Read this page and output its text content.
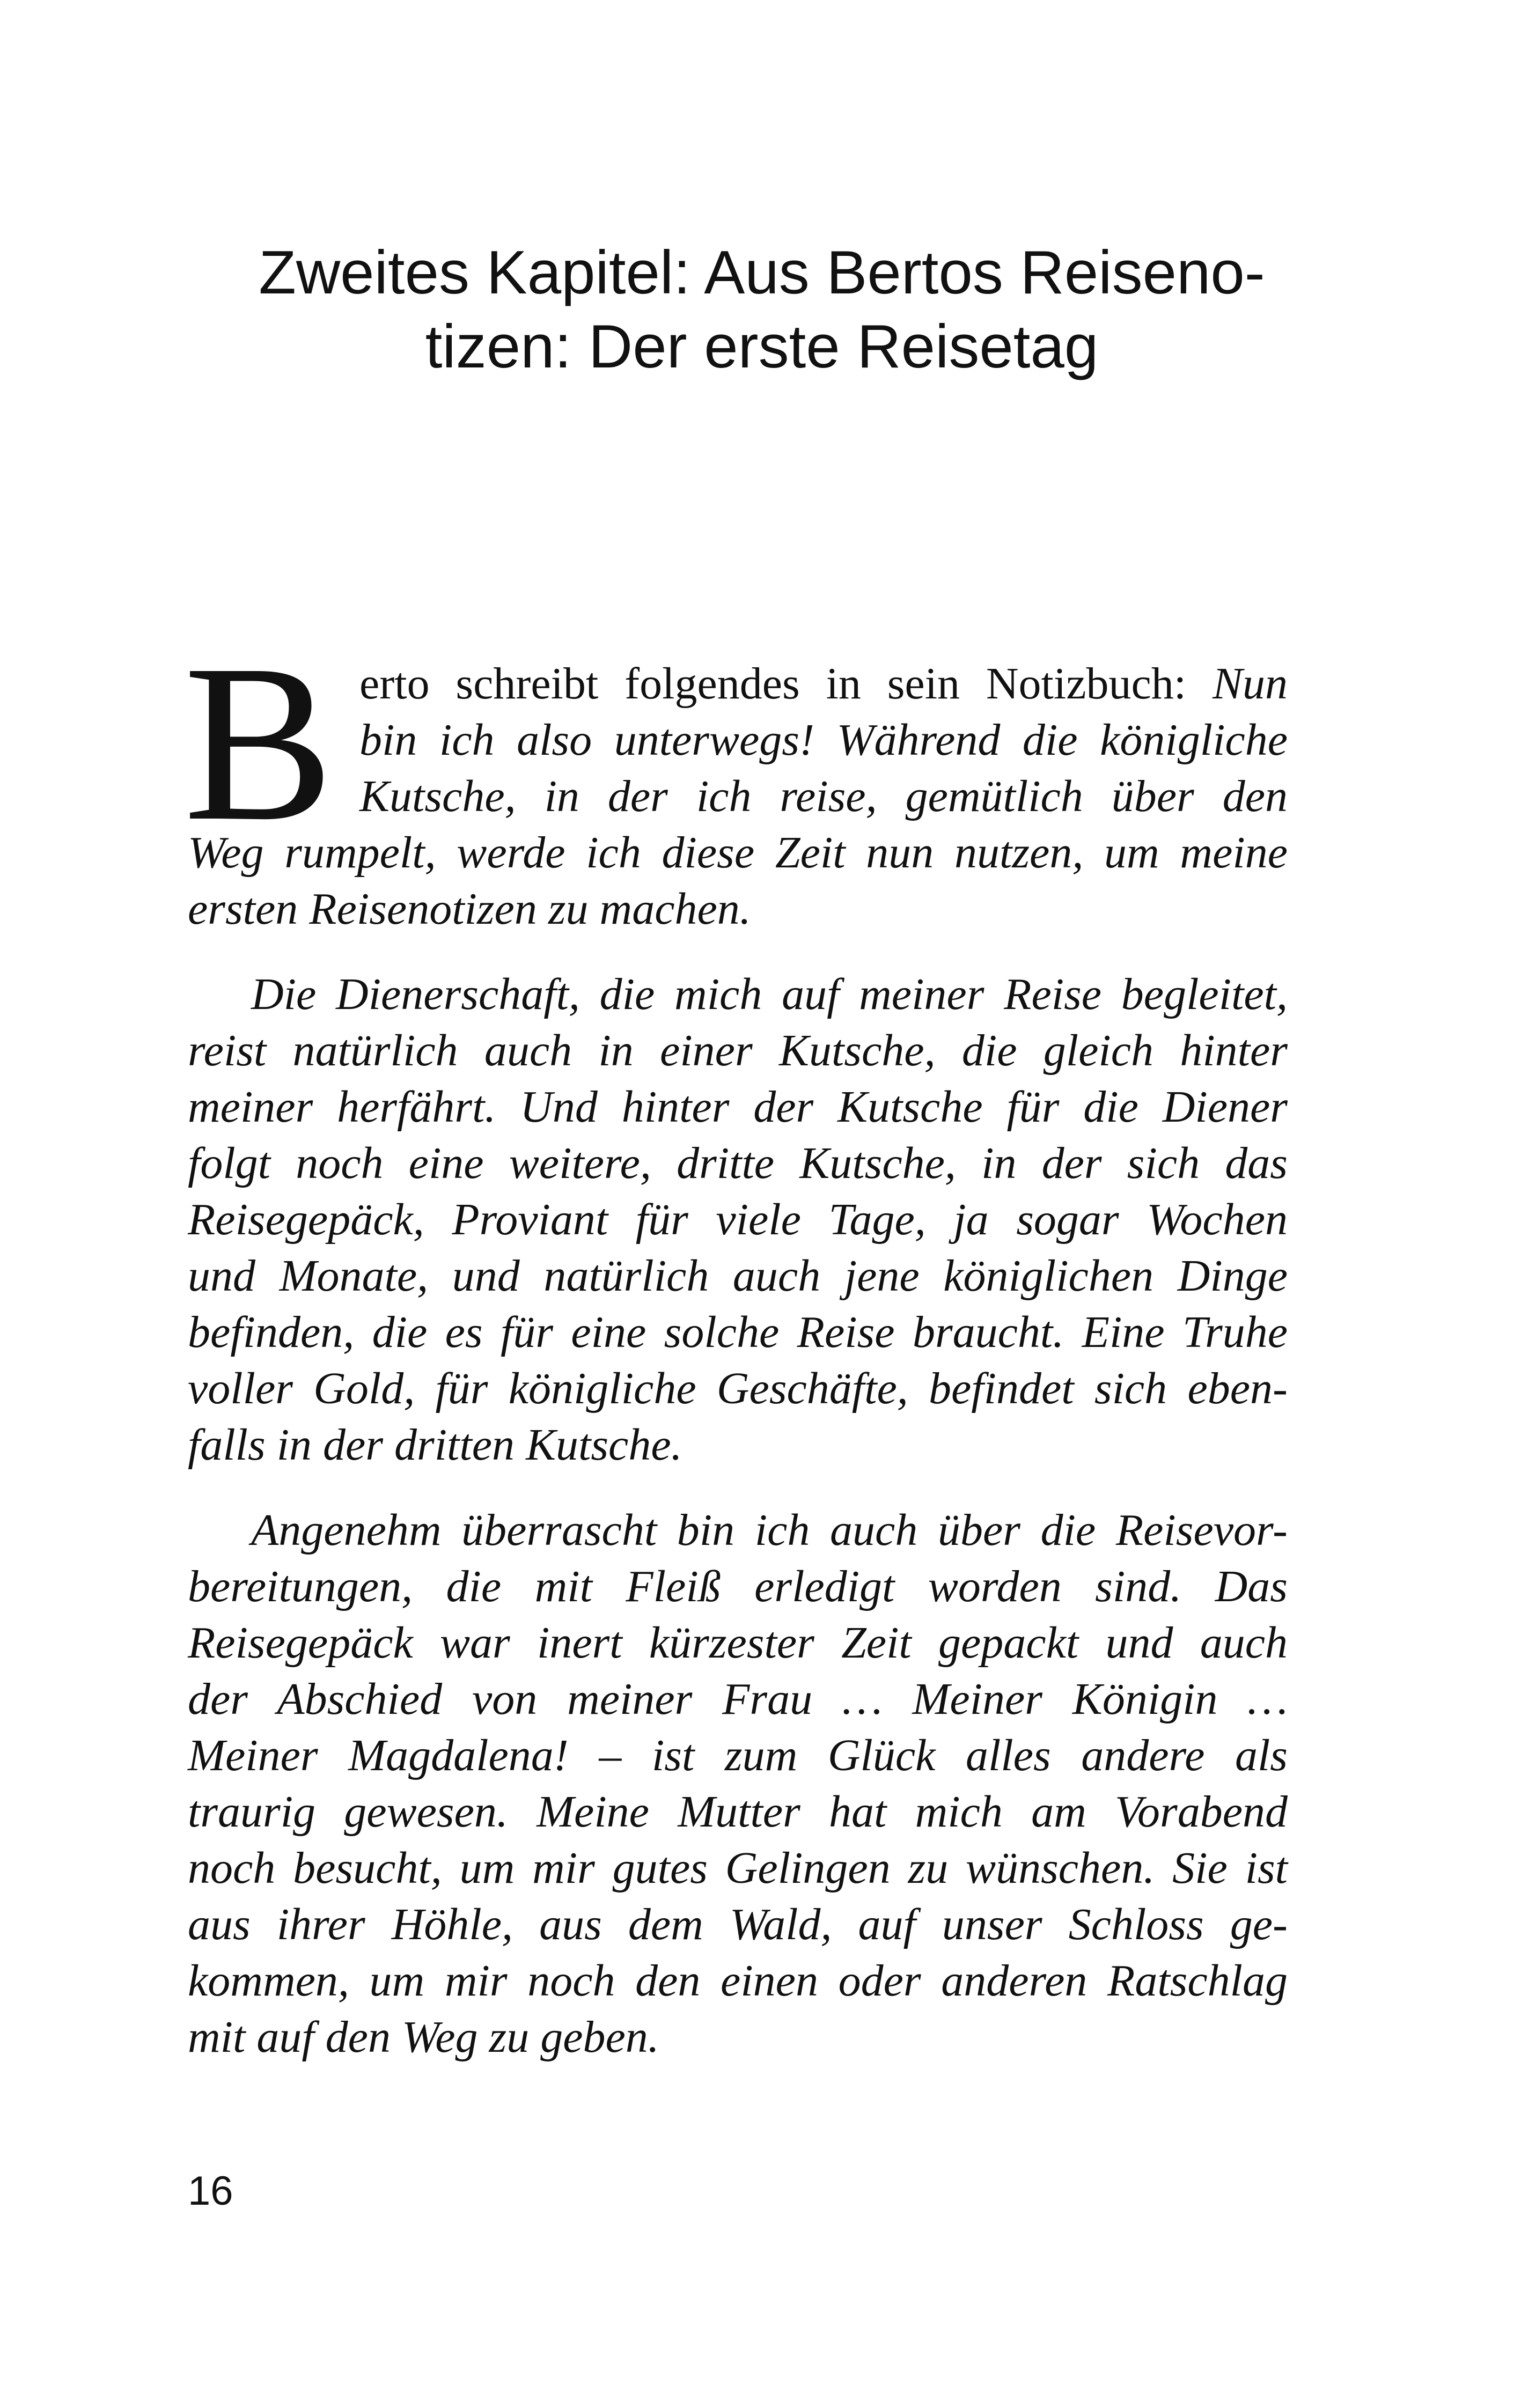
Zweites Kapitel: Aus Bertos Reiseno-
tizen: Der erste Reisetag
B erto schreibt folgendes in sein Notizbuch: Nun
bin ich also unterwegs! Während die königliche
Kutsche, in der ich reise, gemütlich über den
Weg rumpelt, werde ich diese Zeit nun nutzen, um meine
ersten Reisenotizen zu machen.
Die Dienerschaft, die mich auf meiner Reise begleitet,
reist natürlich auch in einer Kutsche, die gleich hinter
meiner herfährt. Und hinter der Kutsche für die Diener
folgt noch eine weitere, dritte Kutsche, in der sich das
Reisegepäck, Proviant für viele Tage, ja sogar Wochen
und Monate, und natürlich auch jene königlichen Dinge
befinden, die es für eine solche Reise braucht. Eine Truhe
voller Gold, für königliche Geschäfte, befindet sich eben-
falls in der dritten Kutsche.
Angenehm überrascht bin ich auch über die Reisevor-
bereitungen, die mit Fleiß erledigt worden sind. Das
Reisegepäck war inert kürzester Zeit gepackt und auch
der Abschied von meiner Frau … Meiner Königin …
Meiner Magdalena! – ist zum Glück alles andere als
traurig gewesen. Meine Mutter hat mich am Vorabend
noch besucht, um mir gutes Gelingen zu wünschen. Sie ist
aus ihrer Höhle, aus dem Wald, auf unser Schloss ge-
kommen, um mir noch den einen oder anderen Ratschlag
mit auf den Weg zu geben.
16
